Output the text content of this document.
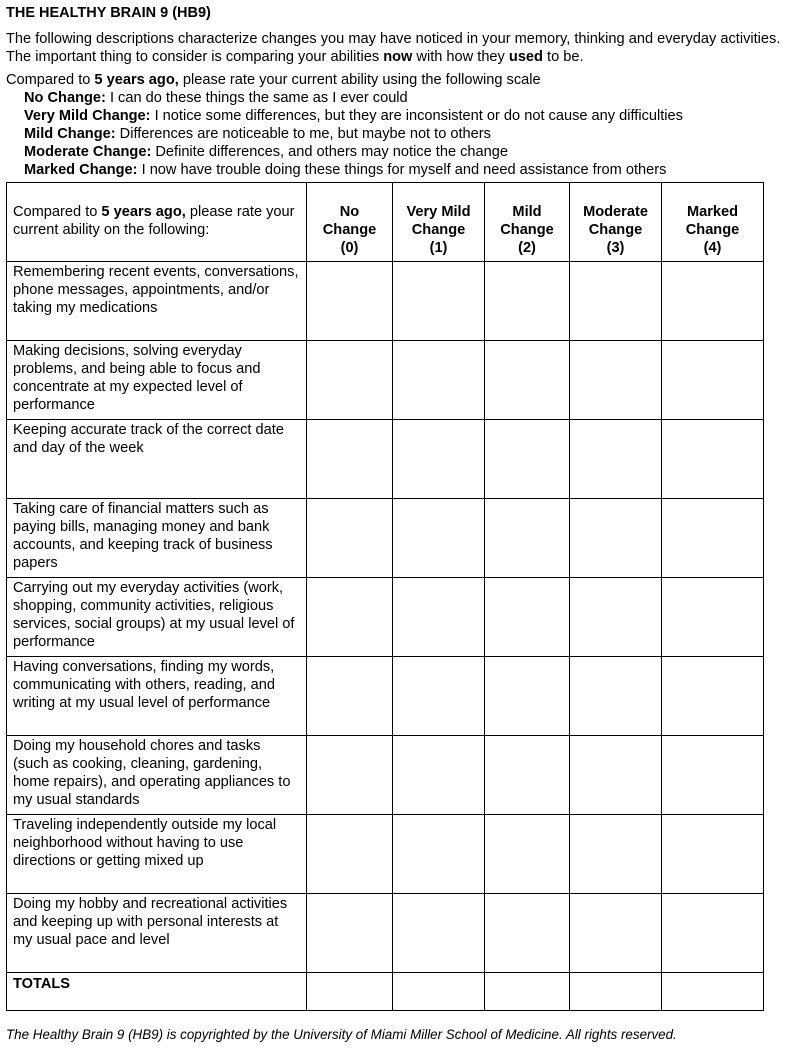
THE HEALTHY BRAIN 9 (HB9)

The following descriptions characterize changes you may have noticed in your memory, thinking and everyday activities. The important thing to consider is comparing your abilities now with how they used to be.

Compared to 5 years ago, please rate your current ability using the following scale

No Change: I can do these things the same as I ever could
Very Mild Change: I notice some differences, but they are inconsistent or do not cause any difficulties
Mild Change: Differences are noticeable to me, but maybe not to others
Moderate Change: Definite differences, and others may notice the change
Marked Change: I now have trouble doing these things for myself and need assistance from others
Compared to 5 years ago, please rate your current ability on the following:	No
Change
(0)	Very Mild
Change
(1)	Mild
Change
(2)	Moderate
Change
(3)	Marked
Change
(4)

Remembering recent events, conversations, phone messages, appointments, and/or taking my medications					
Making decisions, solving everyday problems, and being able to focus and concentrate at my expected level of performance					
Keeping accurate track of the correct date and day of the week					
Taking care of financial matters such as paying bills, managing money and bank accounts, and keeping track of business papers					
Carrying out my everyday activities (work, shopping, community activities, religious services, social groups) at my usual level of performance					
Having conversations, finding my words, communicating with others, reading, and writing at my usual level of performance					
Doing my household chores and tasks (such as cooking, cleaning, gardening, home repairs), and operating appliances to my usual standards					
Traveling independently outside my local neighborhood without having to use directions or getting mixed up					
Doing my hobby and recreational activities and keeping up with personal interests at my usual pace and level					
TOTALS					
The Healthy Brain 9 (HB9) is copyrighted by the University of Miami Miller School of Medicine. All rights reserved.
